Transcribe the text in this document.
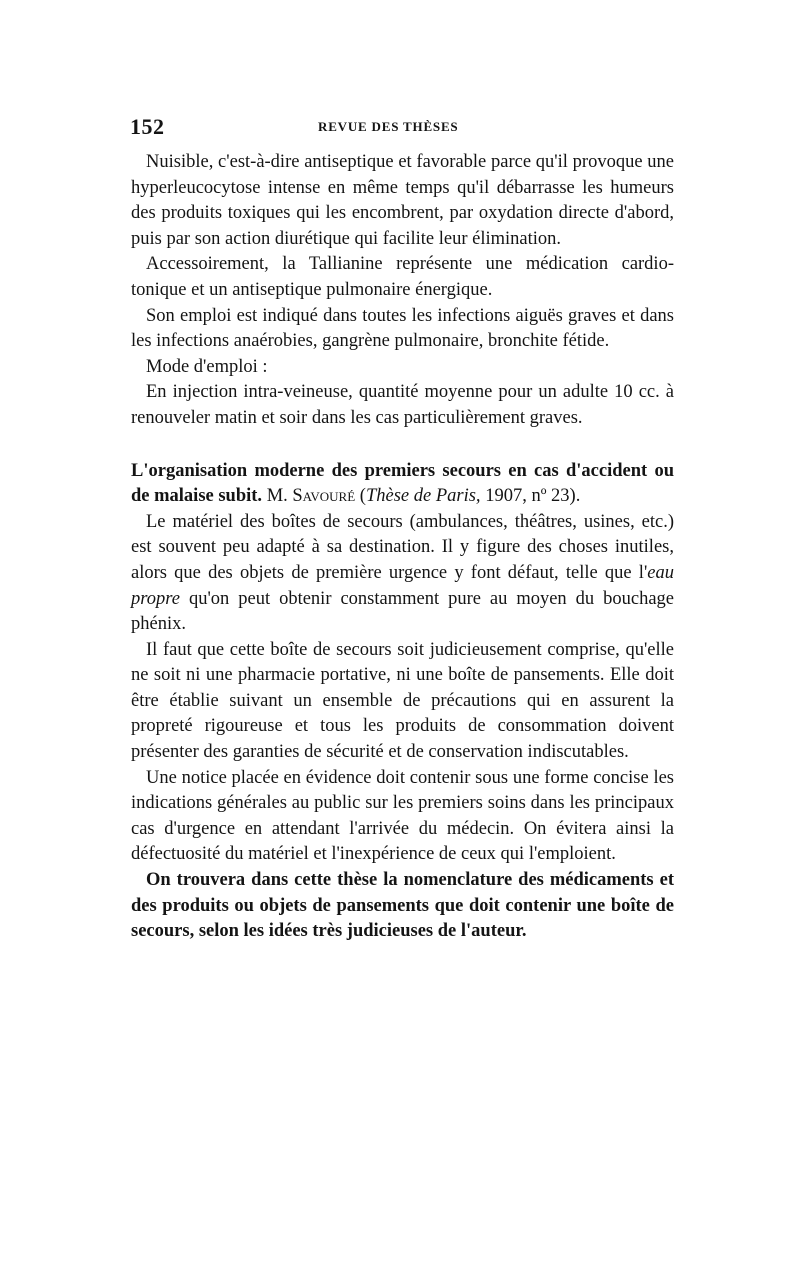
152	REVUE DES THÈSES

Nuisible, c'est-à-dire antiseptique et favorable parce qu'il provoque une hyperleucocytose intense en même temps qu'il débarrasse les humeurs des produits toxiques qui les encombrent, par oxydation directe d'abord, puis par son action diurétique qui facilite leur élimination.

Accessoirement, la Tallianine représente une médication cardio-tonique et un antiseptique pulmonaire énergique.

Son emploi est indiqué dans toutes les infections aiguës graves et dans les infections anaérobies, gangrène pulmonaire, bronchite fétide.

Mode d'emploi :

En injection intra-veineuse, quantité moyenne pour un adulte 10 cc. à renouveler matin et soir dans les cas particulièrement graves.

L'organisation moderne des premiers secours en cas d'accident ou de malaise subit. M. Savouré (Thèse de Paris, 1907, nº 23).

Le matériel des boîtes de secours (ambulances, théâtres, usines, etc.) est souvent peu adapté à sa destination. Il y figure des choses inutiles, alors que des objets de première urgence y font défaut, telle que l'eau propre qu'on peut obtenir constamment pure au moyen du bouchage phénix.

Il faut que cette boîte de secours soit judicieusement comprise, qu'elle ne soit ni une pharmacie portative, ni une boîte de pansements. Elle doit être établie suivant un ensemble de précautions qui en assurent la propreté rigoureuse et tous les produits de consommation doivent présenter des garanties de sécurité et de conservation indiscutables.

Une notice placée en évidence doit contenir sous une forme concise les indications générales au public sur les premiers soins dans les principaux cas d'urgence en attendant l'arrivée du médecin. On évitera ainsi la défectuosité du matériel et l'inexpérience de ceux qui l'emploient.

On trouvera dans cette thèse la nomenclature des médicaments et des produits ou objets de pansements que doit contenir une boîte de secours, selon les idées très judicieuses de l'auteur.
